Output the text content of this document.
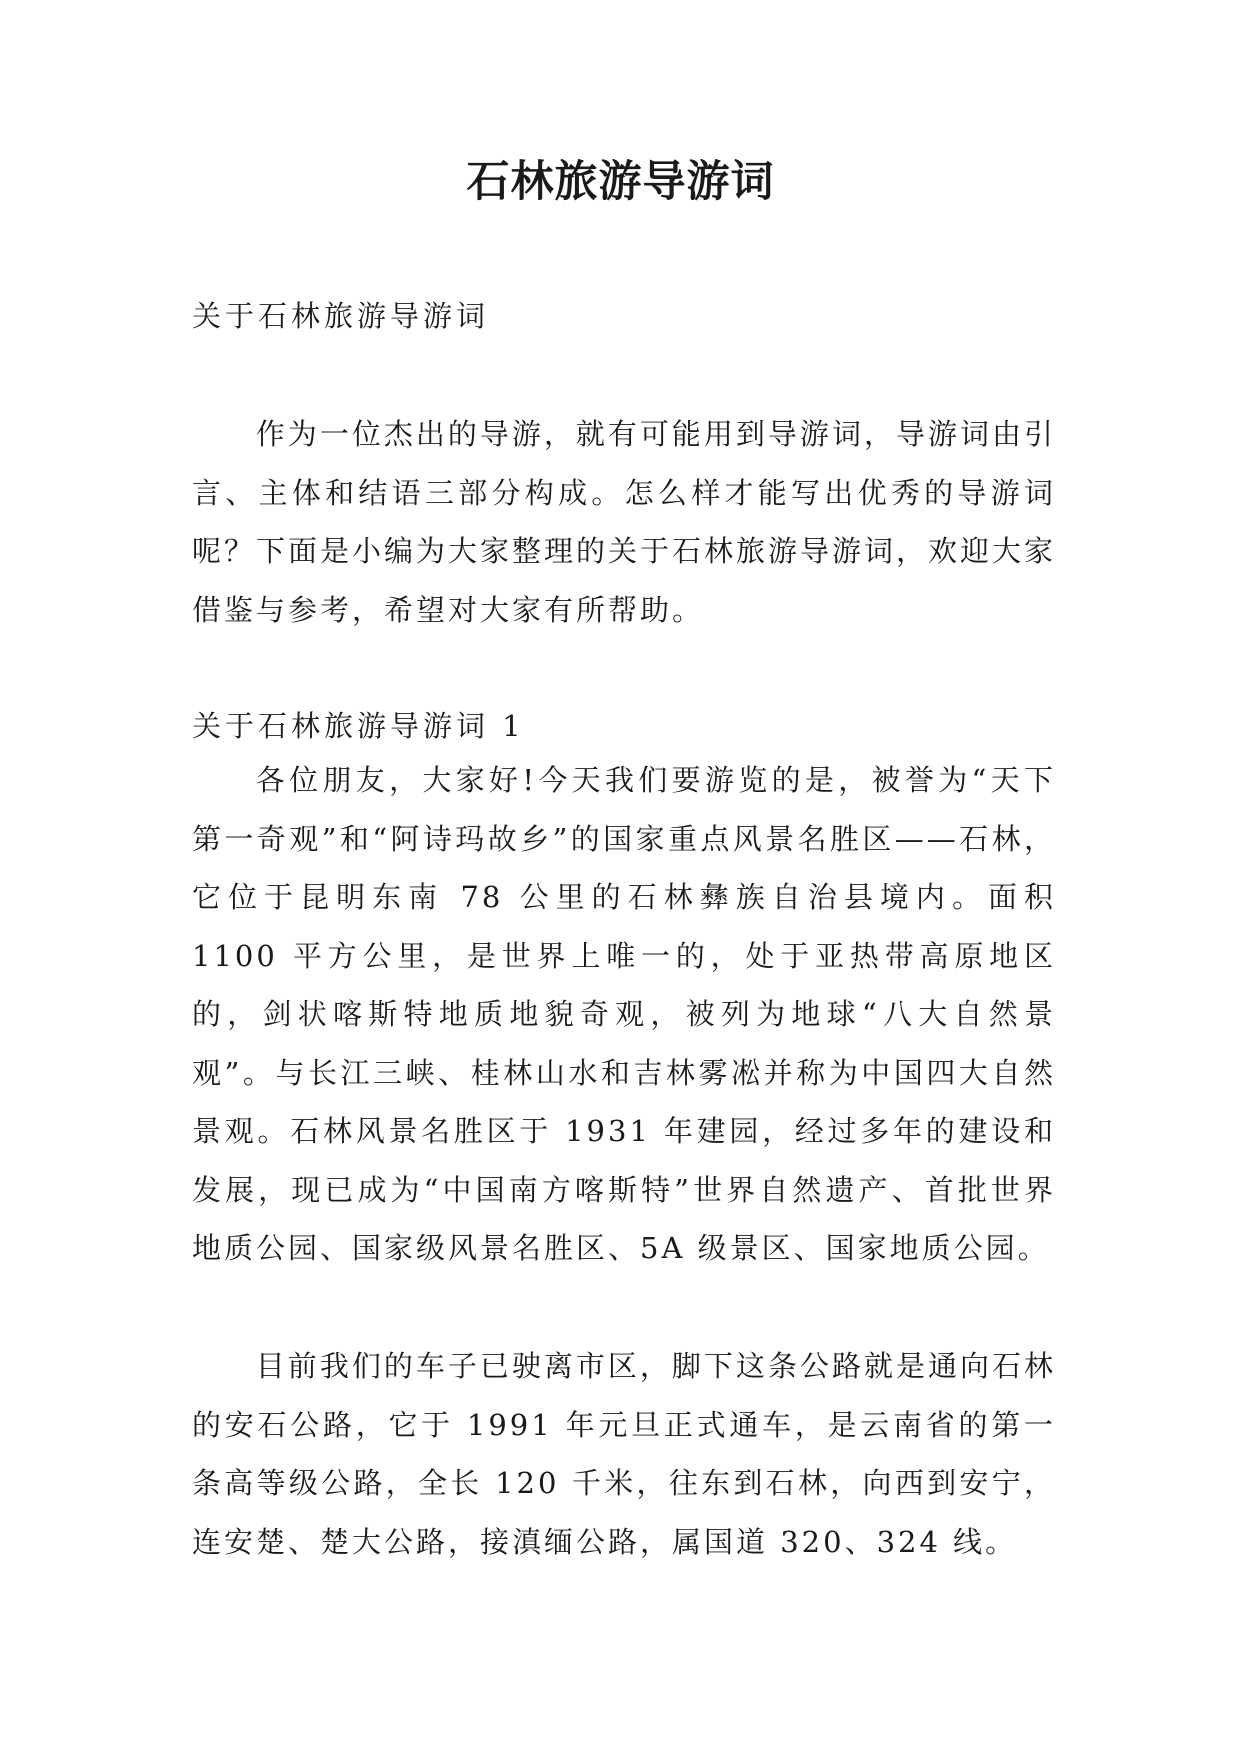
石林旅游导游词
关于石林旅游导游词

作为一位杰出的导游，就有可能用到导游词，导游词由引言、主体和结语三部分构成。怎么样才能写出优秀的导游词呢？下面是小编为大家整理的关于石林旅游导游词，欢迎大家借鉴与参考，希望对大家有所帮助。

关于石林旅游导游词 1

各位朋友，大家好!今天我们要游览的是，被誉为“天下第一奇观”和“阿诗玛故乡”的国家重点风景名胜区——石林，它位于昆明东南 78 公里的石林彝族自治县境内。面积 1100 平方公里，是世界上唯一的，处于亚热带高原地区的，剑状喀斯特地质地貌奇观，被列为地球“八大自然景观”。与长江三峡、桂林山水和吉林雾凇并称为中国四大自然景观。石林风景名胜区于 1931 年建园，经过多年的建设和发展，现已成为“中国南方喀斯特”世界自然遗产、首批世界地质公园、国家级风景名胜区、5A 级景区、国家地质公园。

目前我们的车子已驶离市区，脚下这条公路就是通向石林的安石公路，它于 1991 年元旦正式通车，是云南省的第一条高等级公路，全长 120 千米，往东到石林，向西到安宁，连安楚、楚大公路，接滇缅公路，属国道 320、324 线。
